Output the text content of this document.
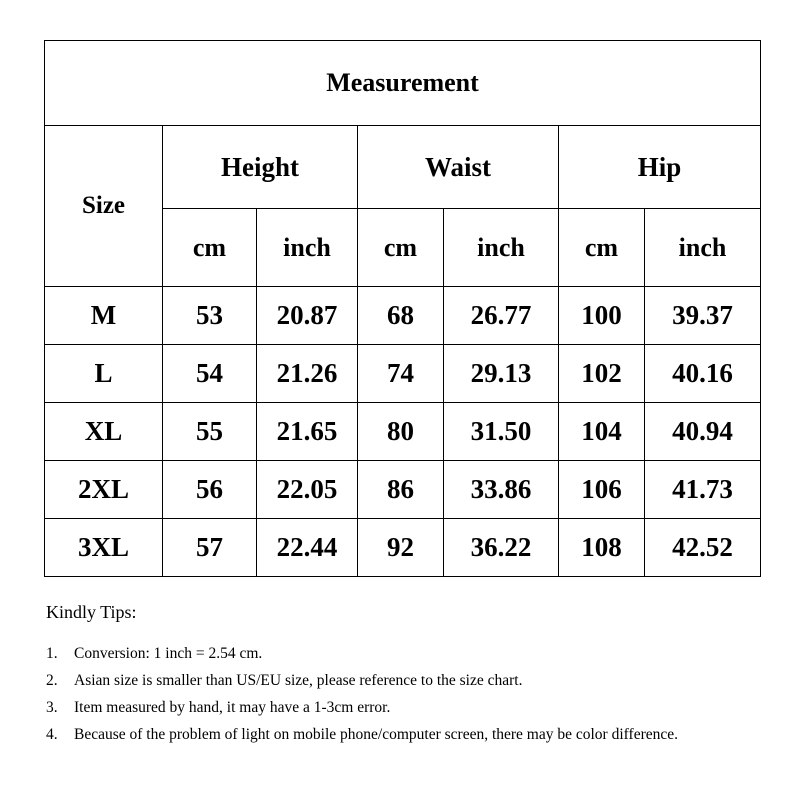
Measurement						
Size	Height		Waist		Hip	
	cm	inch	cm	inch	cm	inch
M	53	20.87	68	26.77	100	39.37
L	54	21.26	74	29.13	102	40.16
XL	55	21.65	80	31.50	104	40.94
2XL	56	22.05	86	33.86	106	41.73
3XL	57	22.44	92	36.22	108	42.52

Kindly Tips:

1.	Conversion: 1 inch = 2.54 cm.
2.	Asian size is smaller than US/EU size, please reference to the size chart.
3.	Item measured by hand, it may have a 1-3cm error.
4.	Because of the problem of light on mobile phone/computer screen, there may be color difference.
